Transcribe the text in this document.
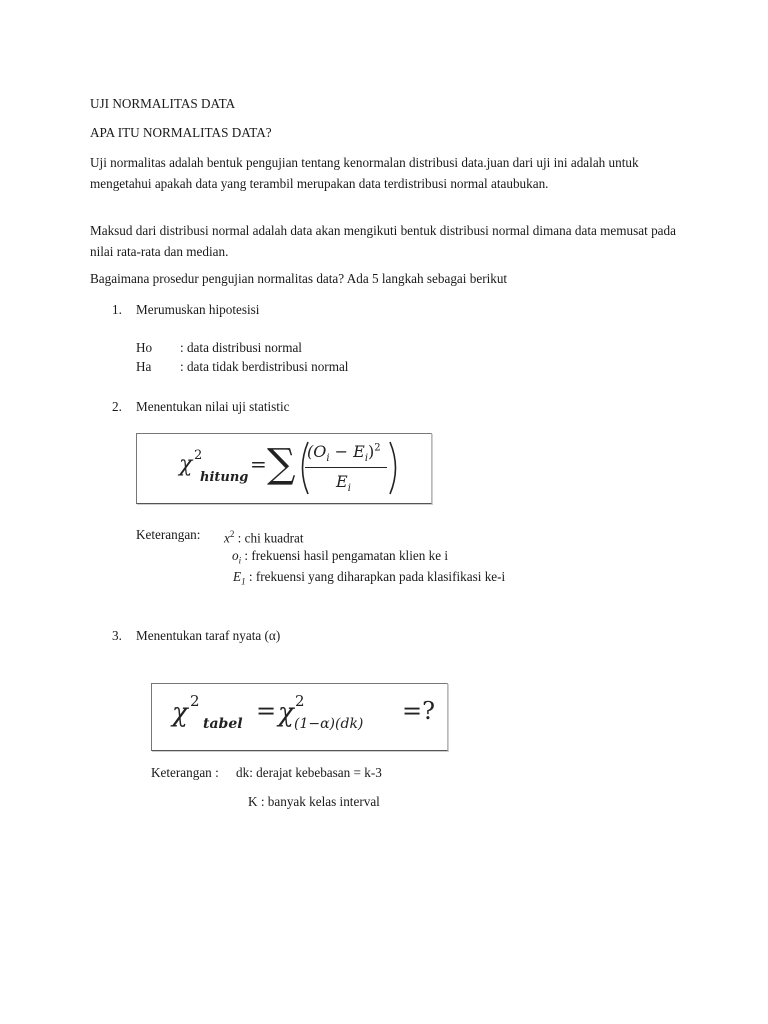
UJI NORMALITAS DATA
APA ITU NORMALITAS DATA?
Uji normalitas adalah bentuk pengujian tentang kenormalan distribusi data.juan dari uji ini adalah untuk mengetahui apakah data yang terambil merupakan data terdistribusi normal ataubukan.
Maksud dari distribusi normal adalah data akan mengikuti bentuk distribusi normal dimana data memusat pada nilai rata-rata dan median.
Bagaimana prosedur pengujian normalitas data? Ada 5 langkah sebagai berikut
1. Merumuskan hipotesisi
Ho : data distribusi normal
Ha : data tidak berdistribusi normal
2. Menentukan nilai uji statistic
χ 2
hitung
= ∑ $(O_i - E_i)^2$
$E_i$
Keterangan: $x^2$ : chi kuadrat
$o_i$ : frekuensi hasil pengamatan klien ke i
$E_1$ : frekuensi yang diharapkan pada klasifikasi ke-i
3. Menentukan taraf nyata (α)
χ 2
tabel = χ 2
(1−α)(dk) =?
Keterangan : dk: derajat kebebasan = k-3
K : banyak kelas interval
